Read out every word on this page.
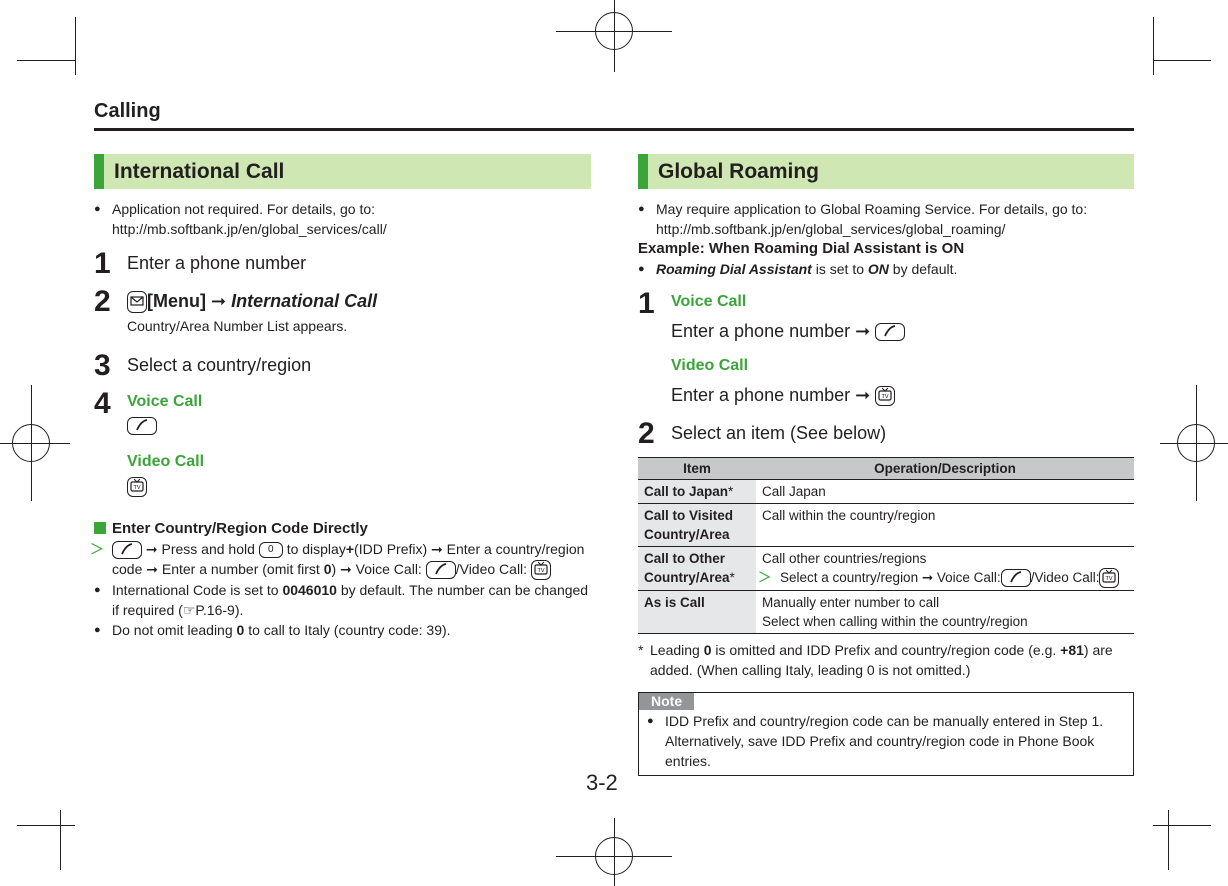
Calling
International Call
● Application not required. For details, go to:
http://mb.softbank.jp/en/global_services/call/
1 Enter a phone number
2	[Menu] ➞ International Call
Country/Area Number List appears.
3 Select a country/region
4 Voice Call
Video Call
TV
Enter Country/Region Code Directly
＞ ➞ Press and hold 0 to display+(IDD Prefix) ➞ Enter a country/region code ➞ Enter a number (omit first 0) ➞ Voice Call: /Video Call: TV
● International Code is set to 0046010 by default. The number can be changed if required (☞P.16-9).
● Do not omit leading 0 to call to Italy (country code: 39).
Global Roaming
● May require application to Global Roaming Service. For details, go to:
http://mb.softbank.jp/en/global_services/global_roaming/
Example: When Roaming Dial Assistant is ON
● Roaming Dial Assistant is set to ON by default.
1 Voice Call
Enter a phone number ➞
Video Call
Enter a phone number ➞ TV
2 Select an item (See below)
Item	Operation/Description
Call to Japan*	Call Japan
Call to Visited Country/Area	Call within the country/region
Call to Other Country/Area*	Call other countries/regions
＞ Select a country/region ➞ Voice Call: /Video Call: TV

As is Call	Manually enter number to call
Select when calling within the country/region
* Leading 0 is omitted and IDD Prefix and country/region code (e.g. +81) are added. (When calling Italy, leading 0 is not omitted.)
Note
● IDD Prefix and country/region code can be manually entered in Step 1. Alternatively, save IDD Prefix and country/region code in Phone Book entries.
3-2
